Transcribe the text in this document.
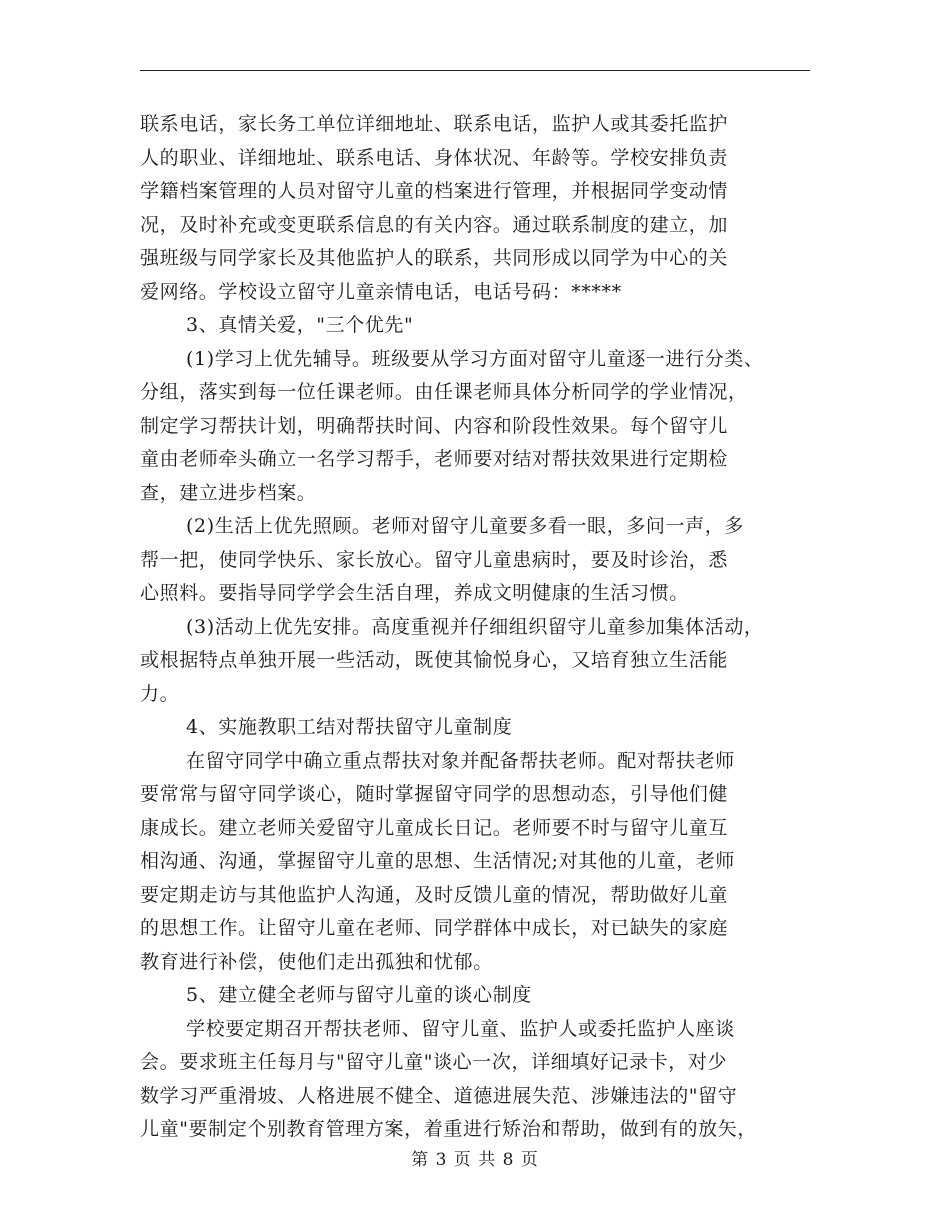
联系电话，家长务工单位详细地址、联系电话，监护人或其委托监护
人的职业、详细地址、联系电话、身体状况、年龄等。学校安排负责
学籍档案管理的人员对留守儿童的档案进行管理，并根据同学变动情
况，及时补充或变更联系信息的有关内容。通过联系制度的建立，加
强班级与同学家长及其他监护人的联系，共同形成以同学为中心的关
爱网络。学校设立留守儿童亲情电话，电话号码：*****
3、真情关爱，"三个优先"
(1)学习上优先辅导。班级要从学习方面对留守儿童逐一进行分类、
分组，落实到每一位任课老师。由任课老师具体分析同学的学业情况，
制定学习帮扶计划，明确帮扶时间、内容和阶段性效果。每个留守儿
童由老师牵头确立一名学习帮手，老师要对结对帮扶效果进行定期检
查，建立进步档案。
(2)生活上优先照顾。老师对留守儿童要多看一眼，多问一声，多
帮一把，使同学快乐、家长放心。留守儿童患病时，要及时诊治，悉
心照料。要指导同学学会生活自理，养成文明健康的生活习惯。
(3)活动上优先安排。高度重视并仔细组织留守儿童参加集体活动，
或根据特点单独开展一些活动，既使其愉悦身心，又培育独立生活能
力。
4、实施教职工结对帮扶留守儿童制度
在留守同学中确立重点帮扶对象并配备帮扶老师。配对帮扶老师
要常常与留守同学谈心，随时掌握留守同学的思想动态，引导他们健
康成长。建立老师关爱留守儿童成长日记。老师要不时与留守儿童互
相沟通、沟通，掌握留守儿童的思想、生活情况;对其他的儿童，老师
要定期走访与其他监护人沟通，及时反馈儿童的情况，帮助做好儿童
的思想工作。让留守儿童在老师、同学群体中成长，对已缺失的家庭
教育进行补偿，使他们走出孤独和忧郁。
5、建立健全老师与留守儿童的谈心制度
学校要定期召开帮扶老师、留守儿童、监护人或委托监护人座谈
会。要求班主任每月与"留守儿童"谈心一次，详细填好记录卡，对少
数学习严重滑坡、人格进展不健全、道德进展失范、涉嫌违法的"留守
儿童"要制定个别教育管理方案，着重进行矫治和帮助，做到有的放矢，
第 3 页 共 8 页
